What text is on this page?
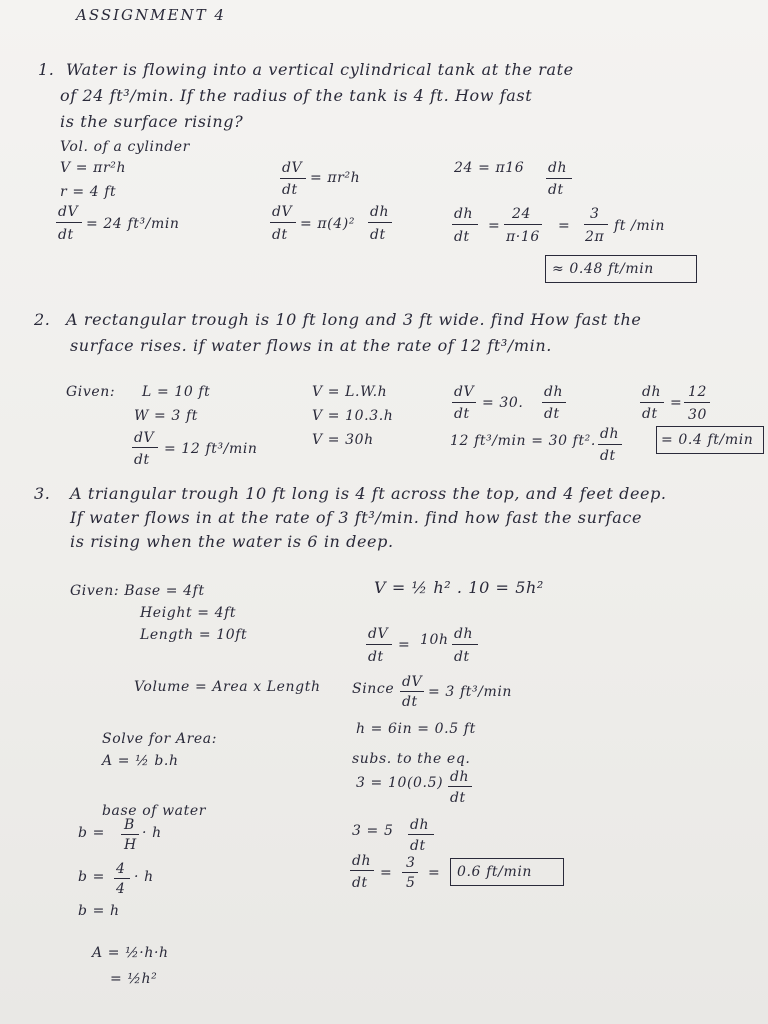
ASSIGNMENT 4
1. Water is flowing into a vertical cylindrical tank at the rate
of 24 ft³/min. If the radius of the tank is 4 ft. How fast
is the surface rising?
Vol. of a cylinder
V = πr²h
r = 4 ft
dV
dt
= 24 ft³/min
dV
dt
= πr²h
dV
dt
= π(4)²
dh
dt
24 = π16 dh
dt
dh
dt
=
24
π·16
=
3
2π
ft /min
≈ 0.48 ft/min
2. A rectangular trough is 10 ft long and 3 ft wide. find How fast the
surface rises. if water flows in at the rate of 12 ft³/min.
Given: L = 10 ft
W = 3 ft
dV
dt
= 12 ft³/min
V = L.W.h
V = 10.3.h
V = 30h
dV
dt
= 30.
dh
dt
12 ft³/min = 30 ft². dh
dt
dh
dt
=
12
30
= 0.4 ft/min
3. A triangular trough 10 ft long is 4 ft across the top, and 4 feet deep.
If water flows in at the rate of 3 ft³/min. find how fast the surface
is rising when the water is 6 in deep.
Given: Base = 4ft
Height = 4ft
Length = 10ft
Volume = Area x Length
Solve for Area:
A = ½ b.h
base of water
b = B
H
· h
b = 4
4
· h
b = h
A = ½·h·h
= ½h²
V = ½ h² . 10 = 5h²
dV
dt
= 10h dh
dt
Since dV
dt
= 3 ft³/min
h = 6in = 0.5 ft
subs. to the eq.
3 = 10(0.5) dh
dt
3 = 5 dh
dt
dh
dt
=
3
5
= 0.6 ft/min
